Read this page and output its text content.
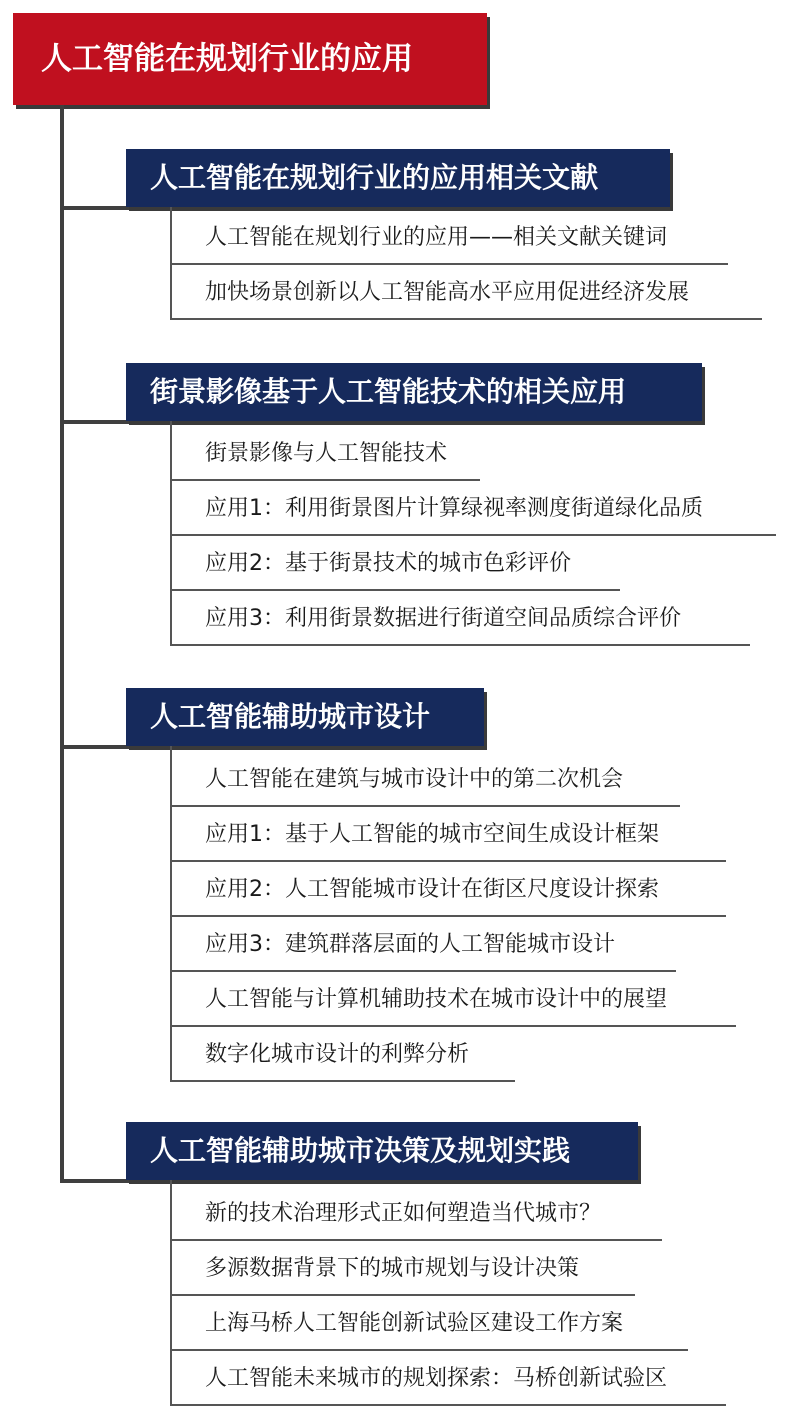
人工智能在规划行业的应用
人工智能在规划行业的应用相关文献
人工智能在规划行业的应用——相关文献关键词
加快场景创新以人工智能高水平应用促进经济发展
街景影像基于人工智能技术的相关应用
街景影像与人工智能技术
应用1：利用街景图片计算绿视率测度街道绿化品质
应用2：基于街景技术的城市色彩评价
应用3：利用街景数据进行街道空间品质综合评价
人工智能辅助城市设计
人工智能在建筑与城市设计中的第二次机会
应用1：基于人工智能的城市空间生成设计框架
应用2：人工智能城市设计在街区尺度设计探索
应用3：建筑群落层面的人工智能城市设计
人工智能与计算机辅助技术在城市设计中的展望
数字化城市设计的利弊分析
人工智能辅助城市决策及规划实践
新的技术治理形式正如何塑造当代城市？
多源数据背景下的城市规划与设计决策
上海马桥人工智能创新试验区建设工作方案
人工智能未来城市的规划探索：马桥创新试验区
